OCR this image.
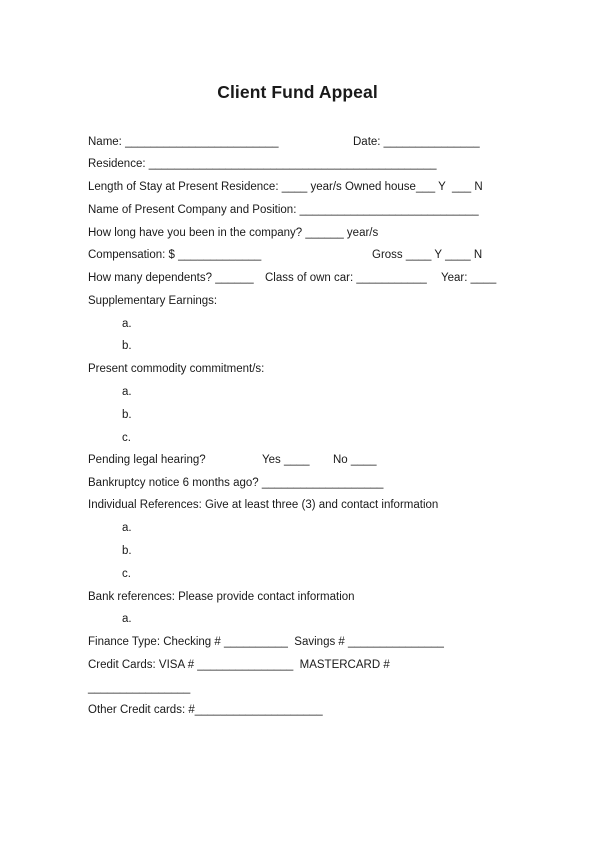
Client Fund Appeal
Name: ________________________	Date: _______________
Residence: _____________________________________________
Length of Stay at Present Residence: ____ year/s Owned house___ Y  ___ N
Name of Present Company and Position: ____________________________
How long have you been in the company? ______ year/s
Compensation: $ _____________	Gross ____ Y ____ N
How many dependents? ______ Class of own car: ___________ Year: ____
Supplementary Earnings:
a.
b.
Present commodity commitment/s:
a.
b.
c.
Pending legal hearing?	Yes ____ No ____
Bankruptcy notice 6 months ago? ___________________
Individual References: Give at least three (3) and contact information
a.
b.
c.
Bank references: Please provide contact information
a.
Finance Type: Checking # __________  Savings # _______________
Credit Cards: VISA # _______________  MASTERCARD #
________________
Other Credit cards: #____________________
